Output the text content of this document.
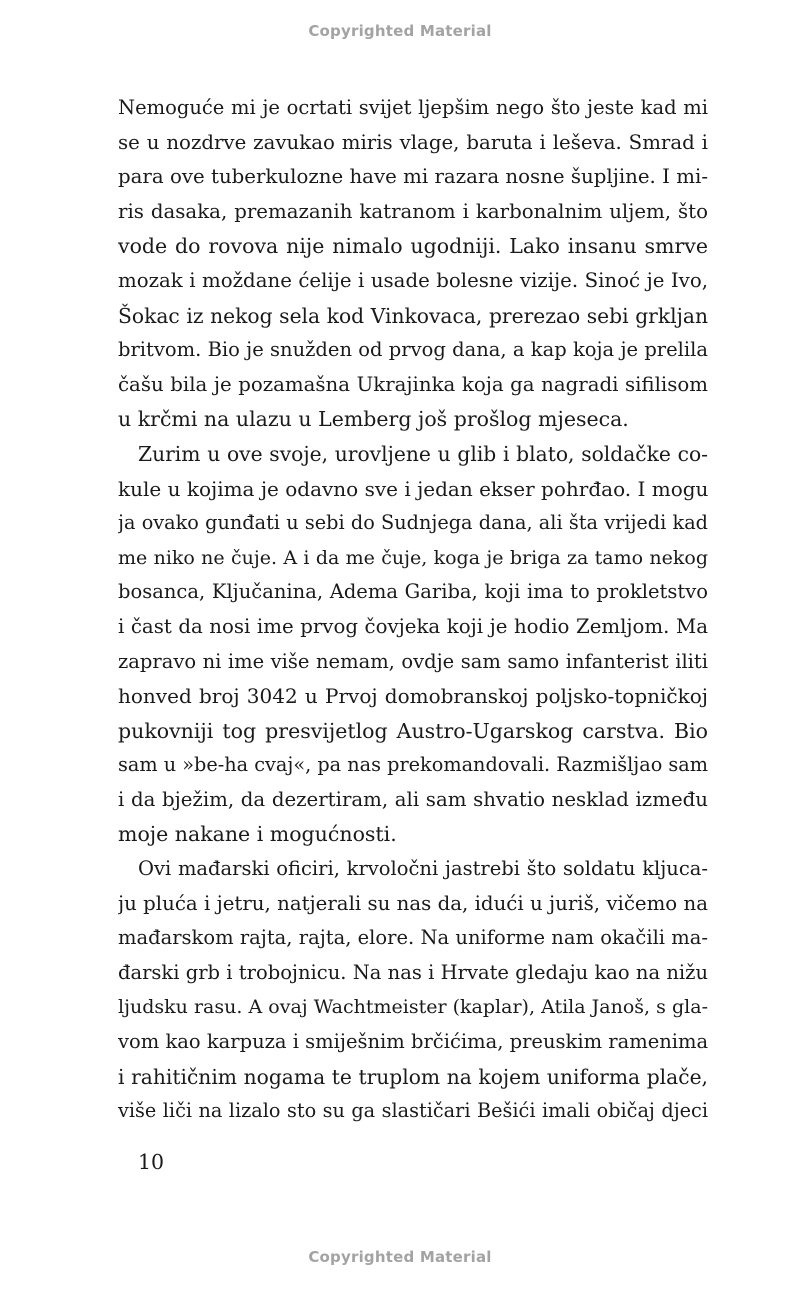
Copyrighted Material
Nemoguće mi je ocrtati svijet ljepšim nego što jeste kad mi
se u nozdrve zavukao miris vlage, baruta i leševa. Smrad i
para ove tuberkulozne have mi razara nosne šupljine. I mi-
ris dasaka, premazanih katranom i karbonalnim uljem, što
vode do rovova nije nimalo ugodniji. Lako insanu smrve
mozak i moždane ćelije i usade bolesne vizije. Sinoć je Ivo,
Šokac iz nekog sela kod Vinkovaca, prerezao sebi grkljan
britvom. Bio je snužden od prvog dana, a kap koja je prelila
čašu bila je pozamašna Ukrajinka koja ga nagradi sifilisom
u krčmi na ulazu u Lemberg još prošlog mjeseca.
Zurim u ove svoje, urovljene u glib i blato, soldačke co-
kule u kojima je odavno sve i jedan ekser pohrđao. I mogu
ja ovako gunđati u sebi do Sudnjega dana, ali šta vrijedi kad
me niko ne čuje. A i da me čuje, koga je briga za tamo nekog
bosanca, Ključanina, Adema Gariba, koji ima to prokletstvo
i čast da nosi ime prvog čovjeka koji je hodio Zemljom. Ma
zapravo ni ime više nemam, ovdje sam samo infanterist iliti
honved broj 3042 u Prvoj domobranskoj poljsko-topničkoj
pukovniji tog presvijetlog Austro-Ugarskog carstva. Bio
sam u »be-ha cvaj«, pa nas prekomandovali. Razmišljao sam
i da bježim, da dezertiram, ali sam shvatio nesklad između
moje nakane i mogućnosti.
Ovi mađarski oficiri, krvoločni jastrebi što soldatu kljuca-
ju pluća i jetru, natjerali su nas da, idući u juriš, vičemo na
mađarskom rajta, rajta, elore. Na uniforme nam okačili ma-
đarski grb i trobojnicu. Na nas i Hrvate gledaju kao na nižu
ljudsku rasu. A ovaj Wachtmeister (kaplar), Atila Janoš, s gla-
vom kao karpuza i smiješnim brčićima, preuskim ramenima
i rahitičnim nogama te truplom na kojem uniforma plače,
više liči na lizalo sto su ga slastičari Bešići imali običaj djeci
10
Copyrighted Material
